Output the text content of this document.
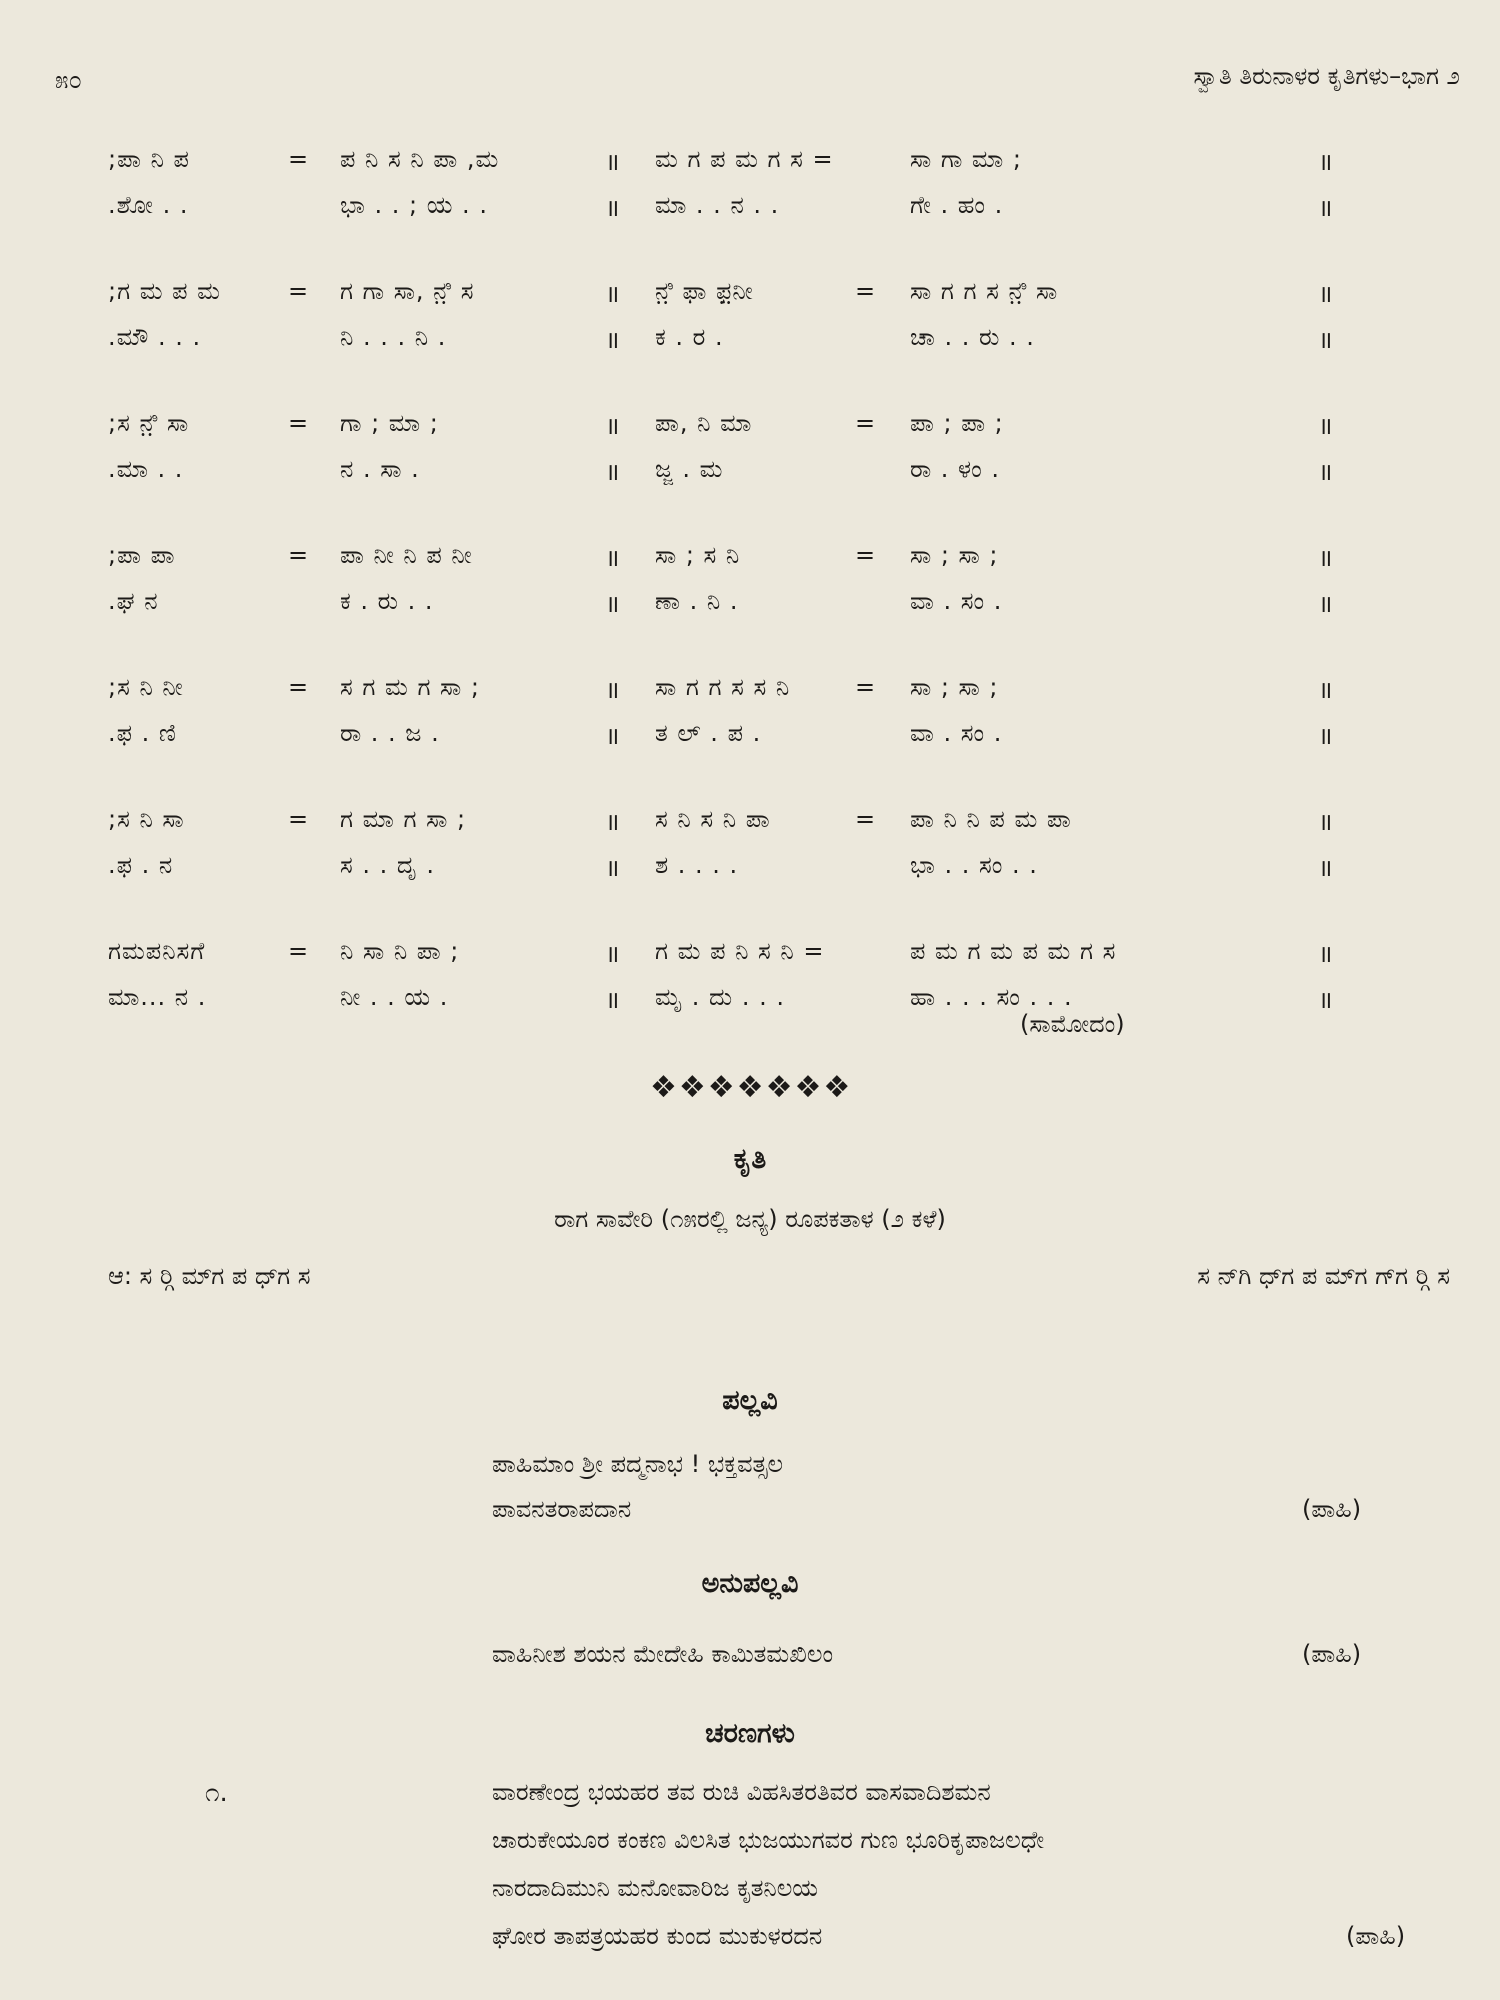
೫೦	ಸ್ವಾತಿ ತಿರುನಾಳರ ಕೃತಿಗಳು–ಭಾಗ ೨
;ಪಾ ನಿ ಪ	= ಪ ನಿ ಸ ನಿ ಪಾ ,ಮ	॥ ಮ ಗ ಪ ಮ ಗ ಸ =	ಸಾ ಗಾ ಮಾ ;	॥
.ಶೋ . .	ಭಾ . . ; ಯ . .	॥ ಮಾ . . ನ . .	ಗೇ . ಹಂ .	॥
;ಗ ಮ ಪ ಮ	= ಗ ಗಾ ಸಾ, ನ಼ಿ ಸ	॥ ನ಼ಿ ಫಾ ಫ಼ನೀ	= ಸಾ ಗ ಗ ಸ ನ಼ಿ ಸಾ	॥
.ಮೌ . . .	ನಿ . . . ನಿ .	॥ ಕ . ರ .	ಚಾ . . ರು . .	॥
;ಸ ನ಼ಿ ಸಾ	= ಗಾ ; ಮಾ ;	॥ ಪಾ, ನಿ ಮಾ	= ಪಾ ; ಪಾ ;	॥
.ಮಾ . .	ನ . ಸಾ .	॥ ಜ್ಜ . ಮ	ರಾ . ಳಂ .	॥
;ಪಾ ಪಾ	= ಪಾ ನೀ ನಿ ಪ ನೀ	॥ ಸಾ ; ಸ ನಿ	= ಸಾ ; ಸಾ ;	॥
.ಘ ನ	ಕ . ರು . .	॥ ಣಾ . ನಿ .	ವಾ . ಸಂ .	॥
;ಸ ನಿ ನೀ	= ಸ ಗ ಮ ಗ ಸಾ ;	॥ ಸಾ ಗ ಗ ಸ ಸ ನಿ	= ಸಾ ; ಸಾ ;	॥
.ಫ . ಣಿ	ರಾ . . ಜ .	॥ ತ ಲ್ . ಪ .	ವಾ . ಸಂ .	॥
;ಸ ನಿ ಸಾ	= ಗ ಮಾ ಗ ಸಾ ;	॥ ಸ ನಿ ಸ ನಿ ಪಾ	= ಪಾ ನಿ ನಿ ಪ ಮ ಪಾ	॥
.ಫ . ನ	ಸ . . ದೃ .	॥ ಶ . . . .	ಭಾ . . ಸಂ . .	॥
ಗಮಪನಿಸಗೆ	= ನಿ ಸಾ ನಿ ಪಾ ;	॥ ಗ ಮ ಪ ನಿ ಸ ನಿ =	ಪ ಮ ಗ ಮ ಪ ಮ ಗ ಸ	॥
ಮಾ... ನ .	ನೀ . . ಯ .	॥ ಮೃ . ದು . . .	ಹಾ . . . ಸಂ . . .	॥
(ಸಾಮೋದಂ)
❖❖❖❖❖❖❖
ಕೃತಿ
ರಾಗ ಸಾವೇರಿ (೧೫ರಲ್ಲಿ ಜನ್ಯ) ರೂಪಕತಾಳ (೨ ಕಳೆ)
ಆ: ಸ ರ್‍ಗಿ ಮ್‍ಗ ಪ ಧ್‍ಗ ಸ	ಸ ನ್‍ಗಿ ಧ್‍ಗ ಪ ಮ್‍ಗ ಗ್‍ಗ ರ್‍ಗಿ ಸ
ಪಲ್ಲವಿ
ಪಾಹಿಮಾಂ ಶ್ರೀ ಪದ್ಮನಾಭ ! ಭಕ್ತವತ್ಸಲ
ಪಾವನತರಾಪದಾನ	(ಪಾಹಿ)
ಅನುಪಲ್ಲವಿ
ವಾಹಿನೀಶ ಶಯನ ಮೇದೇಹಿ ಕಾಮಿತಮಖಿಲಂ	(ಪಾಹಿ)
ಚರಣಗಳು
೧.	ವಾರಣೇಂದ್ರ ಭಯಹರ ತವ ರುಚಿ ವಿಹಸಿತರತಿವರ ವಾಸವಾದಿಶಮನ
ಚಾರುಕೇಯೂರ ಕಂಕಣ ವಿಲಸಿತ ಭುಜಯುಗವರ ಗುಣ ಭೂರಿಕೃಪಾಜಲಧೇ
ನಾರದಾದಿಮುನಿ ಮನೋವಾರಿಜ ಕೃತನಿಲಯ
ಘೋರ ತಾಪತ್ರಯಹರ ಕುಂದ ಮುಕುಳರದನ	(ಪಾಹಿ)
